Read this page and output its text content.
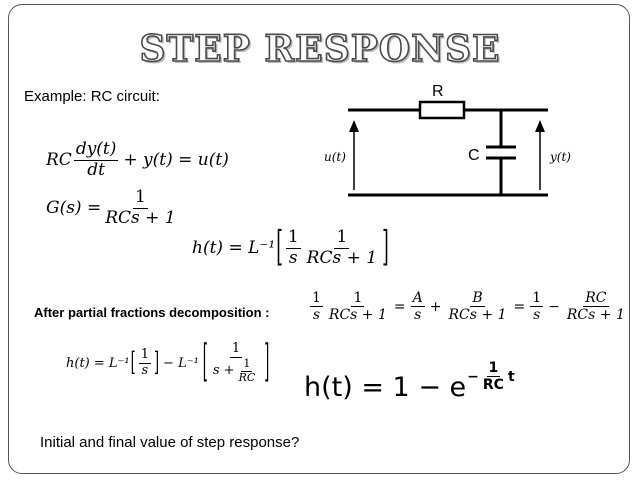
STEP RESPONSE
Example: RC circuit:	R
C
u(t)	y(t)
RC $\frac{dy(t)}{dt} + y(t) = u(t)$
$G(s) = \frac{1}{\text{RCs + 1}}$
h(t) = L⁻¹ [ $\frac{1}{s} \frac{1}{\text{RCs + 1}}$ ]
After partial fractions decomposition :	$\frac{1}{s} \frac{1}{\text{RCs + 1}} = \frac{A}{s} + \frac{B}{\text{RCs + 1}} = \frac{1}{s} - \frac{RC}{\text{RCs + 1}}$
h(t) = L⁻¹ [ $\frac{1}{s}$ ] − L⁻¹ [ $\frac{1}{s + \frac{1}{RC}}$ ] $h(t) = 1 - e - \frac{1}{RC}$ t
Initial and final value of step response?
